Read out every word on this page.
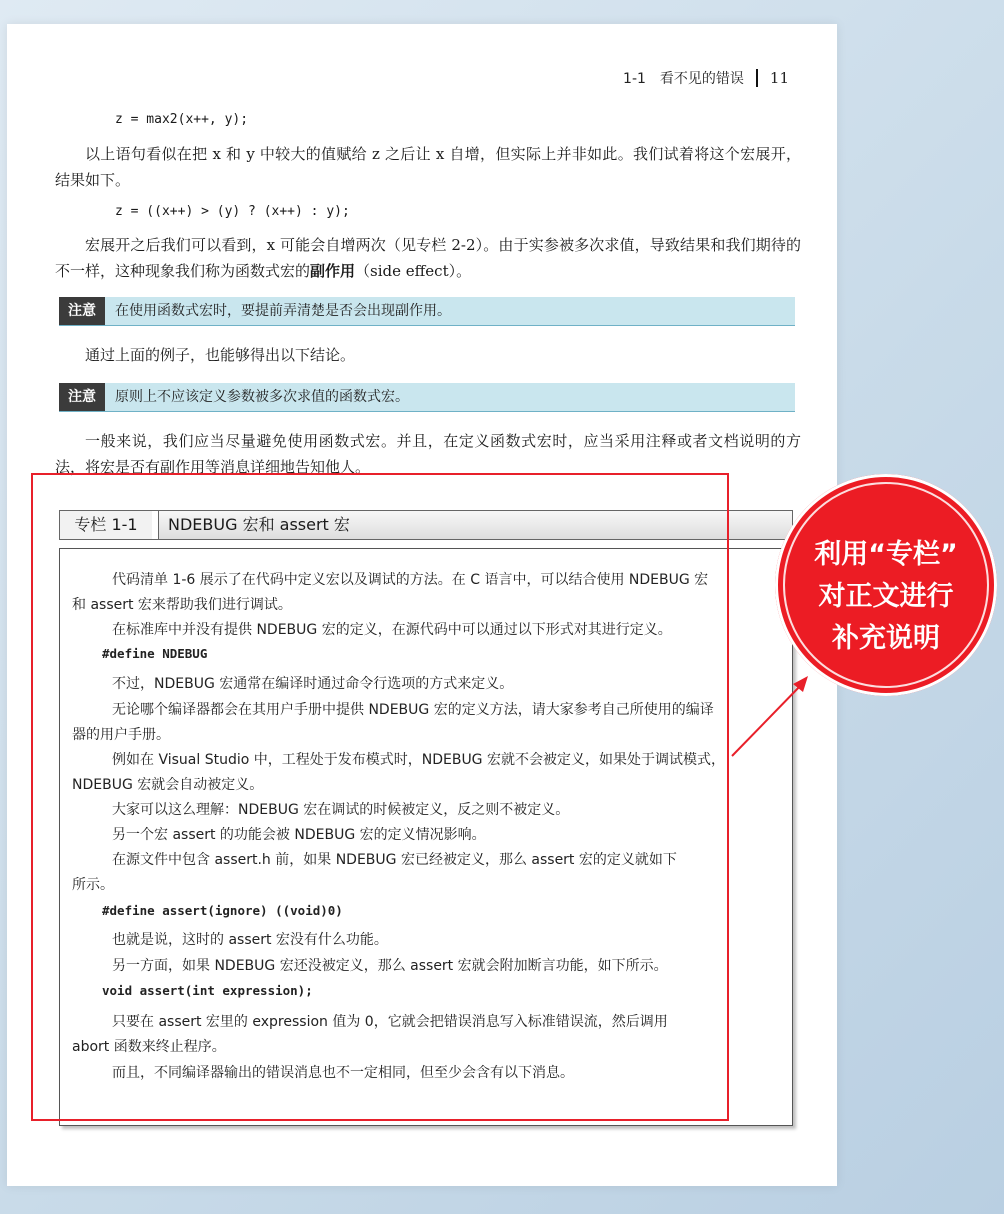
1-1　看不见的错误 11
z = max2(x++, y);
以上语句看似在把 x 和 y 中较大的值赋给 z 之后让 x 自增，但实际上并非如此。我们试着将这个宏展开，结果如下。
z = ((x++) > (y) ? (x++) : y);
宏展开之后我们可以看到，x 可能会自增两次（见专栏 2-2）。由于实参被多次求值，导致结果和我们期待的不一样，这种现象我们称为函数式宏的副作用（side effect）。
注意	在使用函数式宏时，要提前弄清楚是否会出现副作用。
通过上面的例子，也能够得出以下结论。
注意	原则上不应该定义参数被多次求值的函数式宏。
一般来说，我们应当尽量避免使用函数式宏。并且，在定义函数式宏时，应当采用注释或者文档说明的方法，将宏是否有副作用等消息详细地告知他人。
专栏 1-1	NDEBUG 宏和 assert 宏
代码清单 1-6 展示了在代码中定义宏以及调试的方法。在 C 语言中，可以结合使用 NDEBUG 宏
和 assert 宏来帮助我们进行调试。
在标准库中并没有提供 NDEBUG 宏的定义，在源代码中可以通过以下形式对其进行定义。
#define NDEBUG
不过，NDEBUG 宏通常在编译时通过命令行选项的方式来定义。
无论哪个编译器都会在其用户手册中提供 NDEBUG 宏的定义方法，请大家参考自己所使用的编译
器的用户手册。
例如在 Visual Studio 中，工程处于发布模式时，NDEBUG 宏就不会被定义，如果处于调试模式，
NDEBUG 宏就会自动被定义。
大家可以这么理解：NDEBUG 宏在调试的时候被定义，反之则不被定义。
另一个宏 assert 的功能会被 NDEBUG 宏的定义情况影响。
在源文件中包含 assert.h 前，如果 NDEBUG 宏已经被定义，那么 assert 宏的定义就如下
所示。
#define assert(ignore) ((void)0)
也就是说，这时的 assert 宏没有什么功能。
另一方面，如果 NDEBUG 宏还没被定义，那么 assert 宏就会附加断言功能，如下所示。
void assert(int expression);
只要在 assert 宏里的 expression 值为 0，它就会把错误消息写入标准错误流，然后调用
abort 函数来终止程序。
而且，不同编译器输出的错误消息也不一定相同，但至少会含有以下消息。
利用“专栏”
对正文进行
补充说明
